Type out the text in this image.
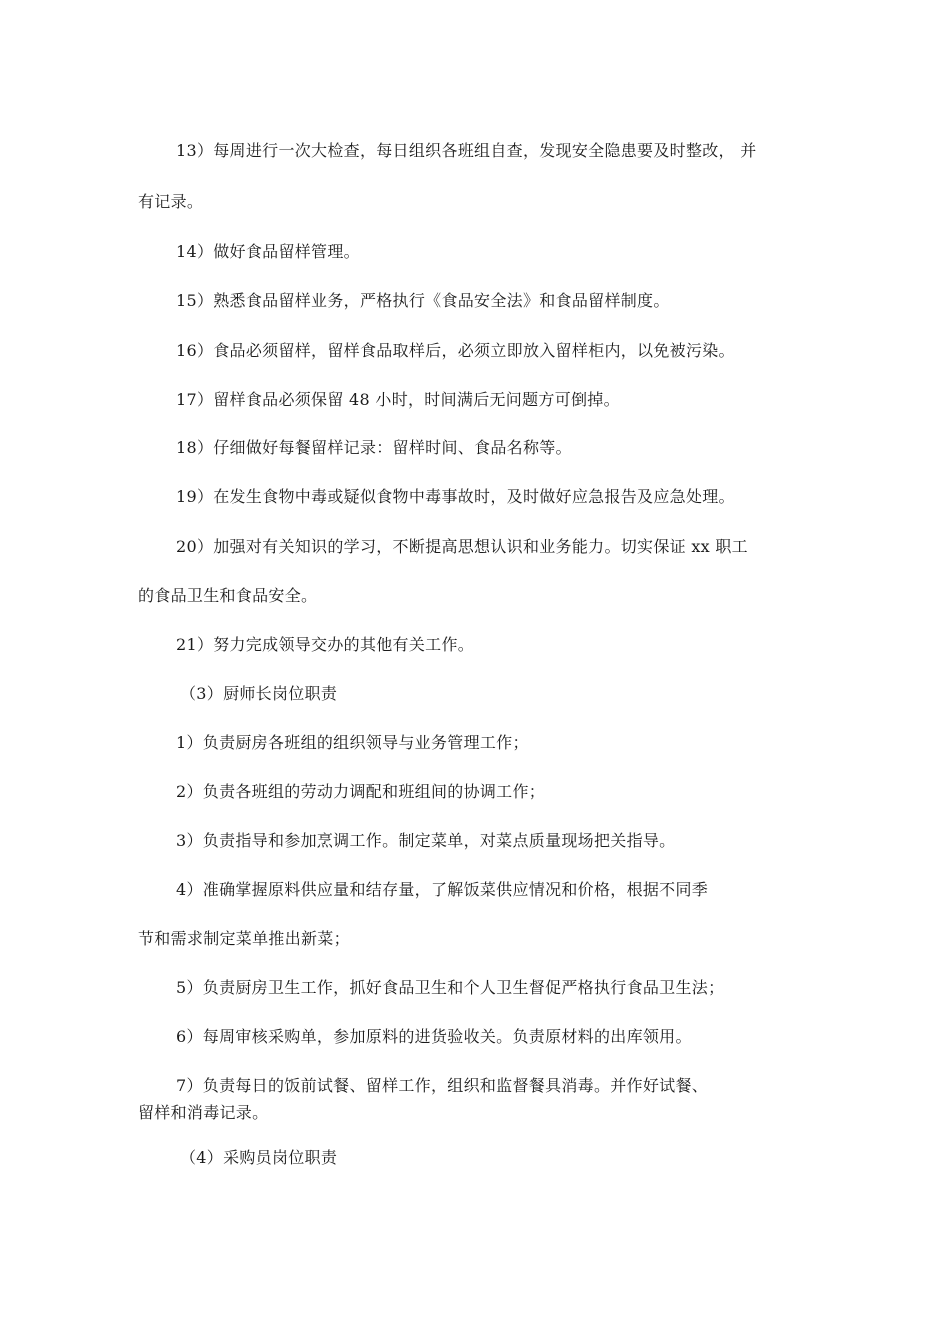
13）每周进行一次大检查，每日组织各班组自查，发现安全隐患要及时整改， 并
有记录。
14）做好食品留样管理。
15）熟悉食品留样业务，严格执行《食品安全法》和食品留样制度。
16）食品必须留样，留样食品取样后，必须立即放入留样柜内，以免被污染。
17）留样食品必须保留 48 小时，时间满后无问题方可倒掉。
18）仔细做好每餐留样记录：留样时间、食品名称等。
19）在发生食物中毒或疑似食物中毒事故时，及时做好应急报告及应急处理。
20）加强对有关知识的学习，不断提高思想认识和业务能力。切实保证 xx 职工
的食品卫生和食品安全。
21）努力完成领导交办的其他有关工作。
（3）厨师长岗位职责
1）负责厨房各班组的组织领导与业务管理工作；
2）负责各班组的劳动力调配和班组间的协调工作；
3）负责指导和参加烹调工作。制定菜单，对菜点质量现场把关指导。
4）准确掌握原料供应量和结存量，了解饭菜供应情况和价格，根据不同季
节和需求制定菜单推出新菜；
5）负责厨房卫生工作，抓好食品卫生和个人卫生督促严格执行食品卫生法；
6）每周审核采购单，参加原料的进货验收关。负责原材料的出库领用。
7）负责每日的饭前试餐、留样工作，组织和监督餐具消毒。并作好试餐、
留样和消毒记录。
（4）采购员岗位职责
